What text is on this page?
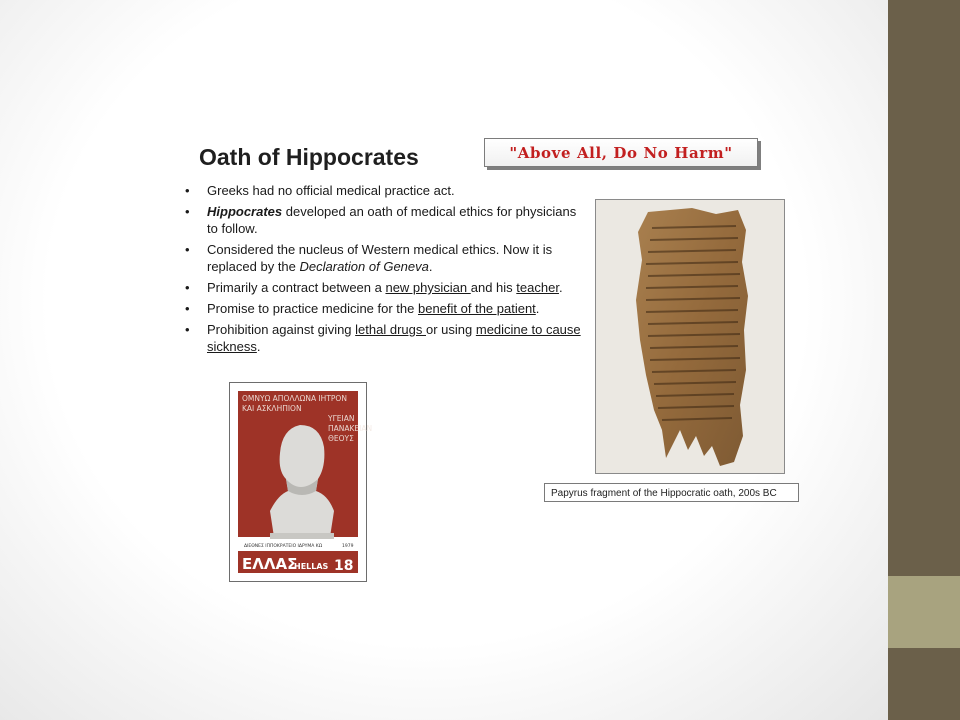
Oath of Hippocrates	"Above All, Do No Harm"
• Greeks had no official medical practice act.
• Hippocrates developed an oath of medical ethics for physicians to follow.
• Considered the nucleus of Western medical ethics. Now it is replaced by the Declaration of Geneva.
• Primarily a contract between a new physician and his teacher.
• Promise to practice medicine for the benefit of the patient.
• Prohibition against giving lethal drugs or using medicine to cause sickness.
Papyrus fragment of the Hippocratic oath, 200s BC
ΟΜΝΥΩ ΑΠΟΛΛΩΝΑ ΙΗΤΡΟΝ
ΚΑΙ ΑΣΚΛΗΠΙΟΝ
ΥΓΕΙΑΝ
ΠΑΝΑΚΕΙΑΝ
ΘΕΟΥΣ
ΔΙΕΘΝΕΣ ΙΠΠΟΚΡΑΤΕΙΟ ΙΔΡΥΜΑ ΚΩ	1979
ΕΛΛΑΣ
HELLAS 18
